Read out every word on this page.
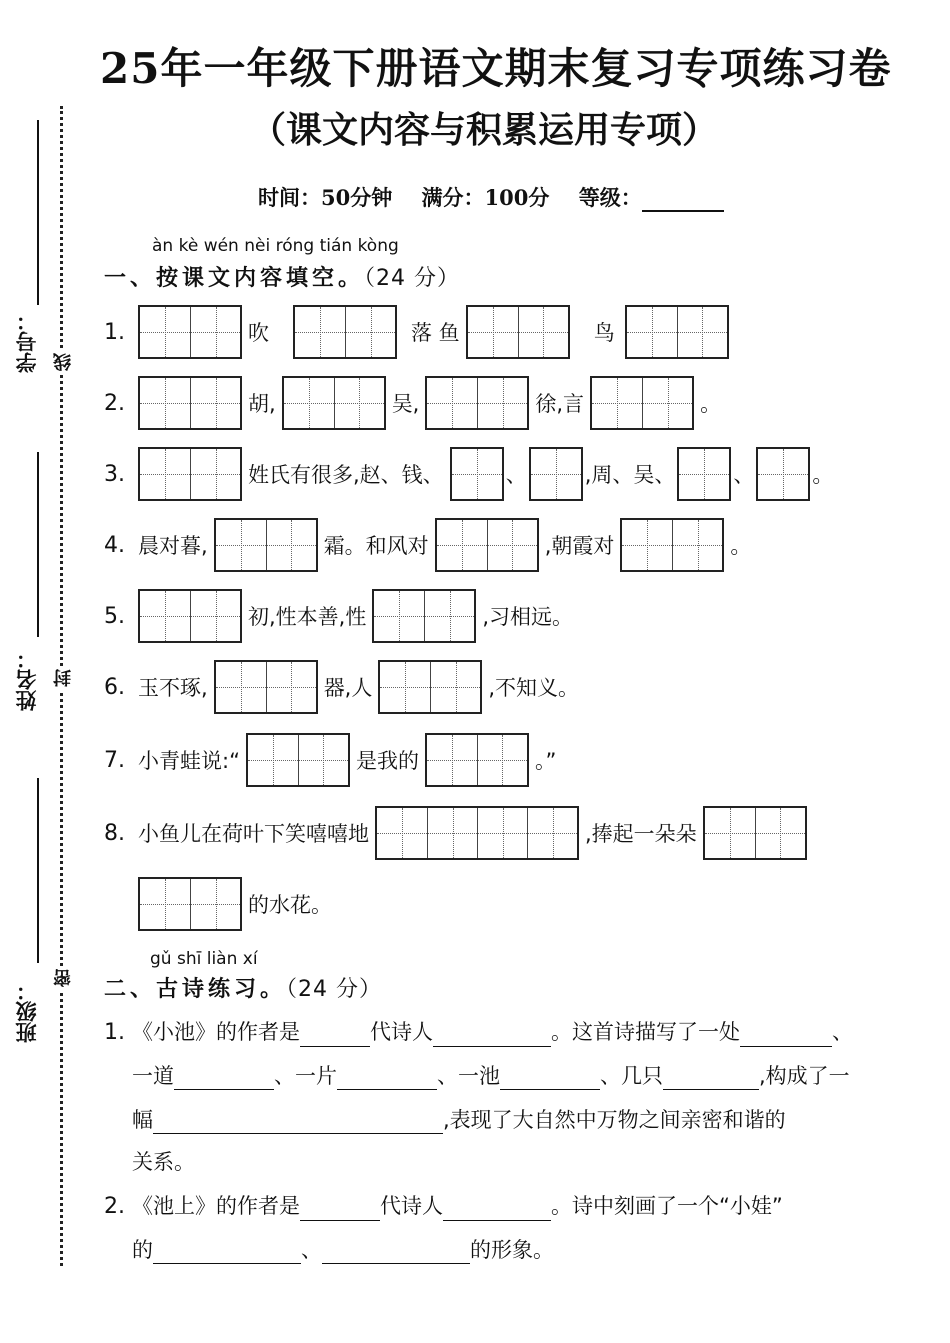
25年一年级下册语文期末复习专项练习卷
（课文内容与积累运用专项）
时间：50分钟 满分：100分 等级：
学号： 线
姓名： 封
班级：
密
àn kè wén nèi róng tián kòng
一、按课文内容填空。（24 分）
1.	吹	落 鱼	鸟
2.	胡,	吴,	徐,言	。
3.	姓氏有很多,赵、钱、	、	,周、吴、	、	。
4. 晨对暮,	霜。和风对	,朝霞对	。
5.	初,性本善,性	,习相远。
6. 玉不琢,	器,人	,不知义。
7. 小青蛙说:“	是我的	。”
8. 小鱼儿在荷叶下笑嘻嘻地	,捧起一朵朵
的水花。
gǔ shī liàn xí
二、古诗练习。（24 分）
1. 《小池》的作者是	代诗人	。这首诗描写了一处	、
一道	、一片	、一池	、几只	,构成了一
幅	,表现了大自然中万物之间亲密和谐的
关系。
2. 《池上》的作者是	代诗人	。诗中刻画了一个“小娃”
的	、	的形象。
